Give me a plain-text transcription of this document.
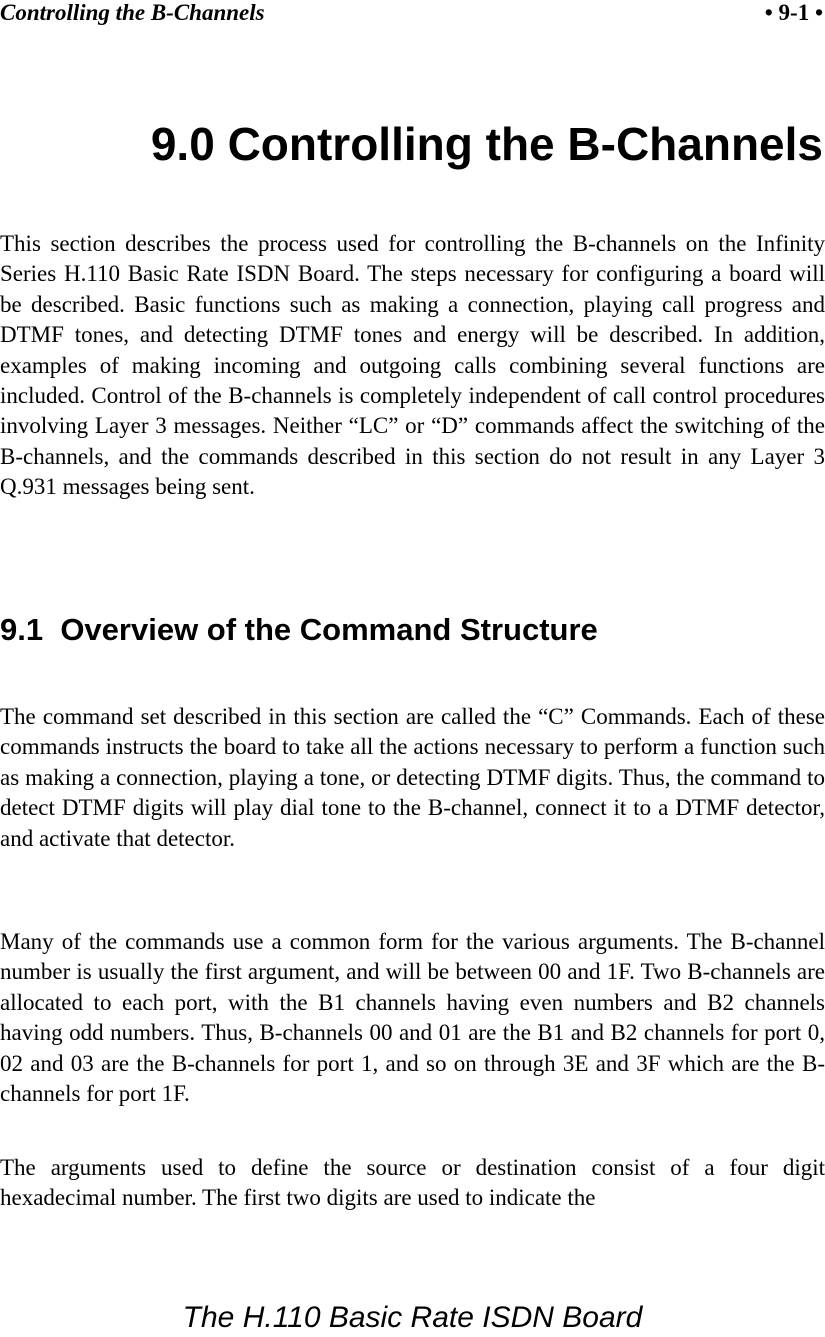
Controlling the B-Channels	• 9-1 •
9.0 Controlling the B-Channels

This section describes the process used for controlling the B-channels on the Infinity Series H.110 Basic Rate ISDN Board. The steps necessary for configuring a board will be described. Basic functions such as making a connection, playing call progress and DTMF tones, and detecting DTMF tones and energy will be described. In addition, examples of making incoming and outgoing calls combining several functions are included. Control of the B-channels is completely independent of call control procedures involving Layer 3 messages. Neither “LC” or “D” commands affect the switching of the B-channels, and the commands described in this section do not result in any Layer 3 Q.931 messages being sent.

9.1  Overview of the Command Structure

The command set described in this section are called the “C” Commands. Each of these commands instructs the board to take all the actions necessary to perform a function such as making a connection, playing a tone, or detecting DTMF digits. Thus, the command to detect DTMF digits will play dial tone to the B-channel, connect it to a DTMF detector, and activate that detector.

Many of the commands use a common form for the various arguments. The B-channel number is usually the first argument, and will be between 00 and 1F. Two B-channels are allocated to each port, with the B1 channels having even numbers and B2 channels having odd numbers. Thus, B-channels 00 and 01 are the B1 and B2 channels for port 0, 02 and 03 are the B-channels for port 1, and so on through 3E and 3F which are the B-channels for port 1F.

The arguments used to define the source or destination consist of a four digit hexadecimal number. The first two digits are used to indicate the

The H.110 Basic Rate ISDN Board
